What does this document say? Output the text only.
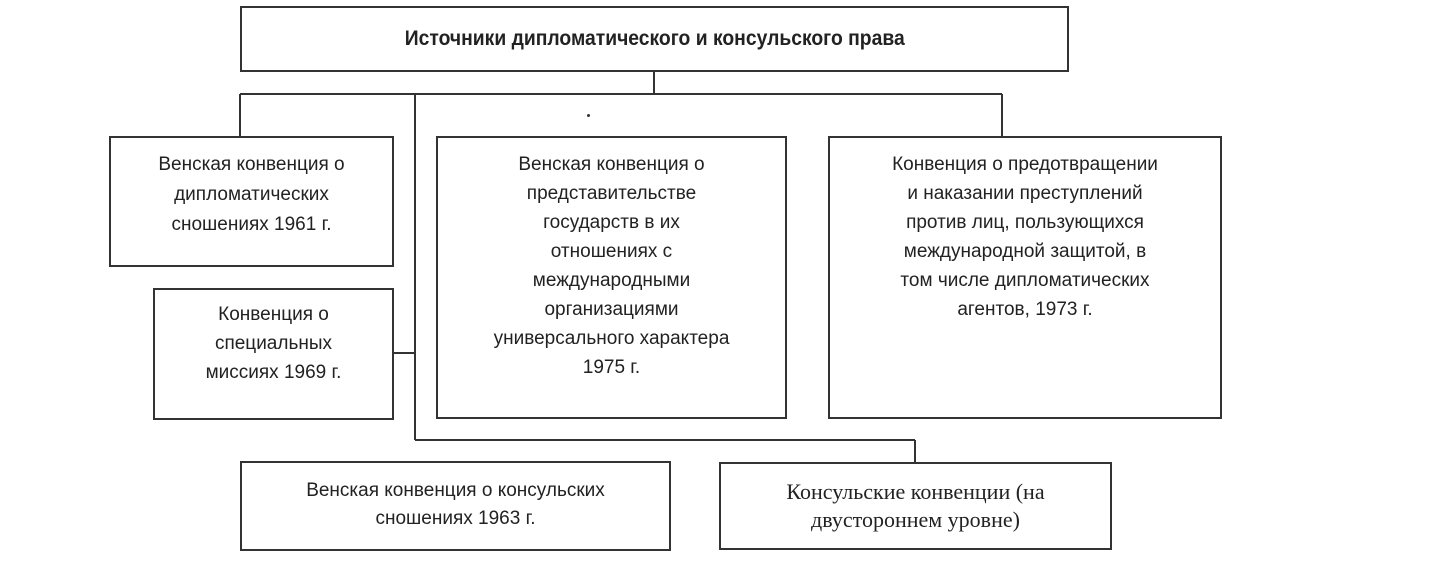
Источники дипломатического и консульского права
Венская конвенция о
дипломатических
сношениях 1961 г.
Конвенция о
специальных
миссиях 1969 г.
Венская конвенция о
представительстве
государств в их
отношениях с
международными
организациями
универсального характера
1975 г.
Конвенция о предотвращении
и наказании преступлений
против лиц, пользующихся
международной защитой, в
том числе дипломатических
агентов, 1973 г.
Венская конвенция о консульских
сношениях 1963 г.
Консульские конвенции (на
двустороннем уровне)
